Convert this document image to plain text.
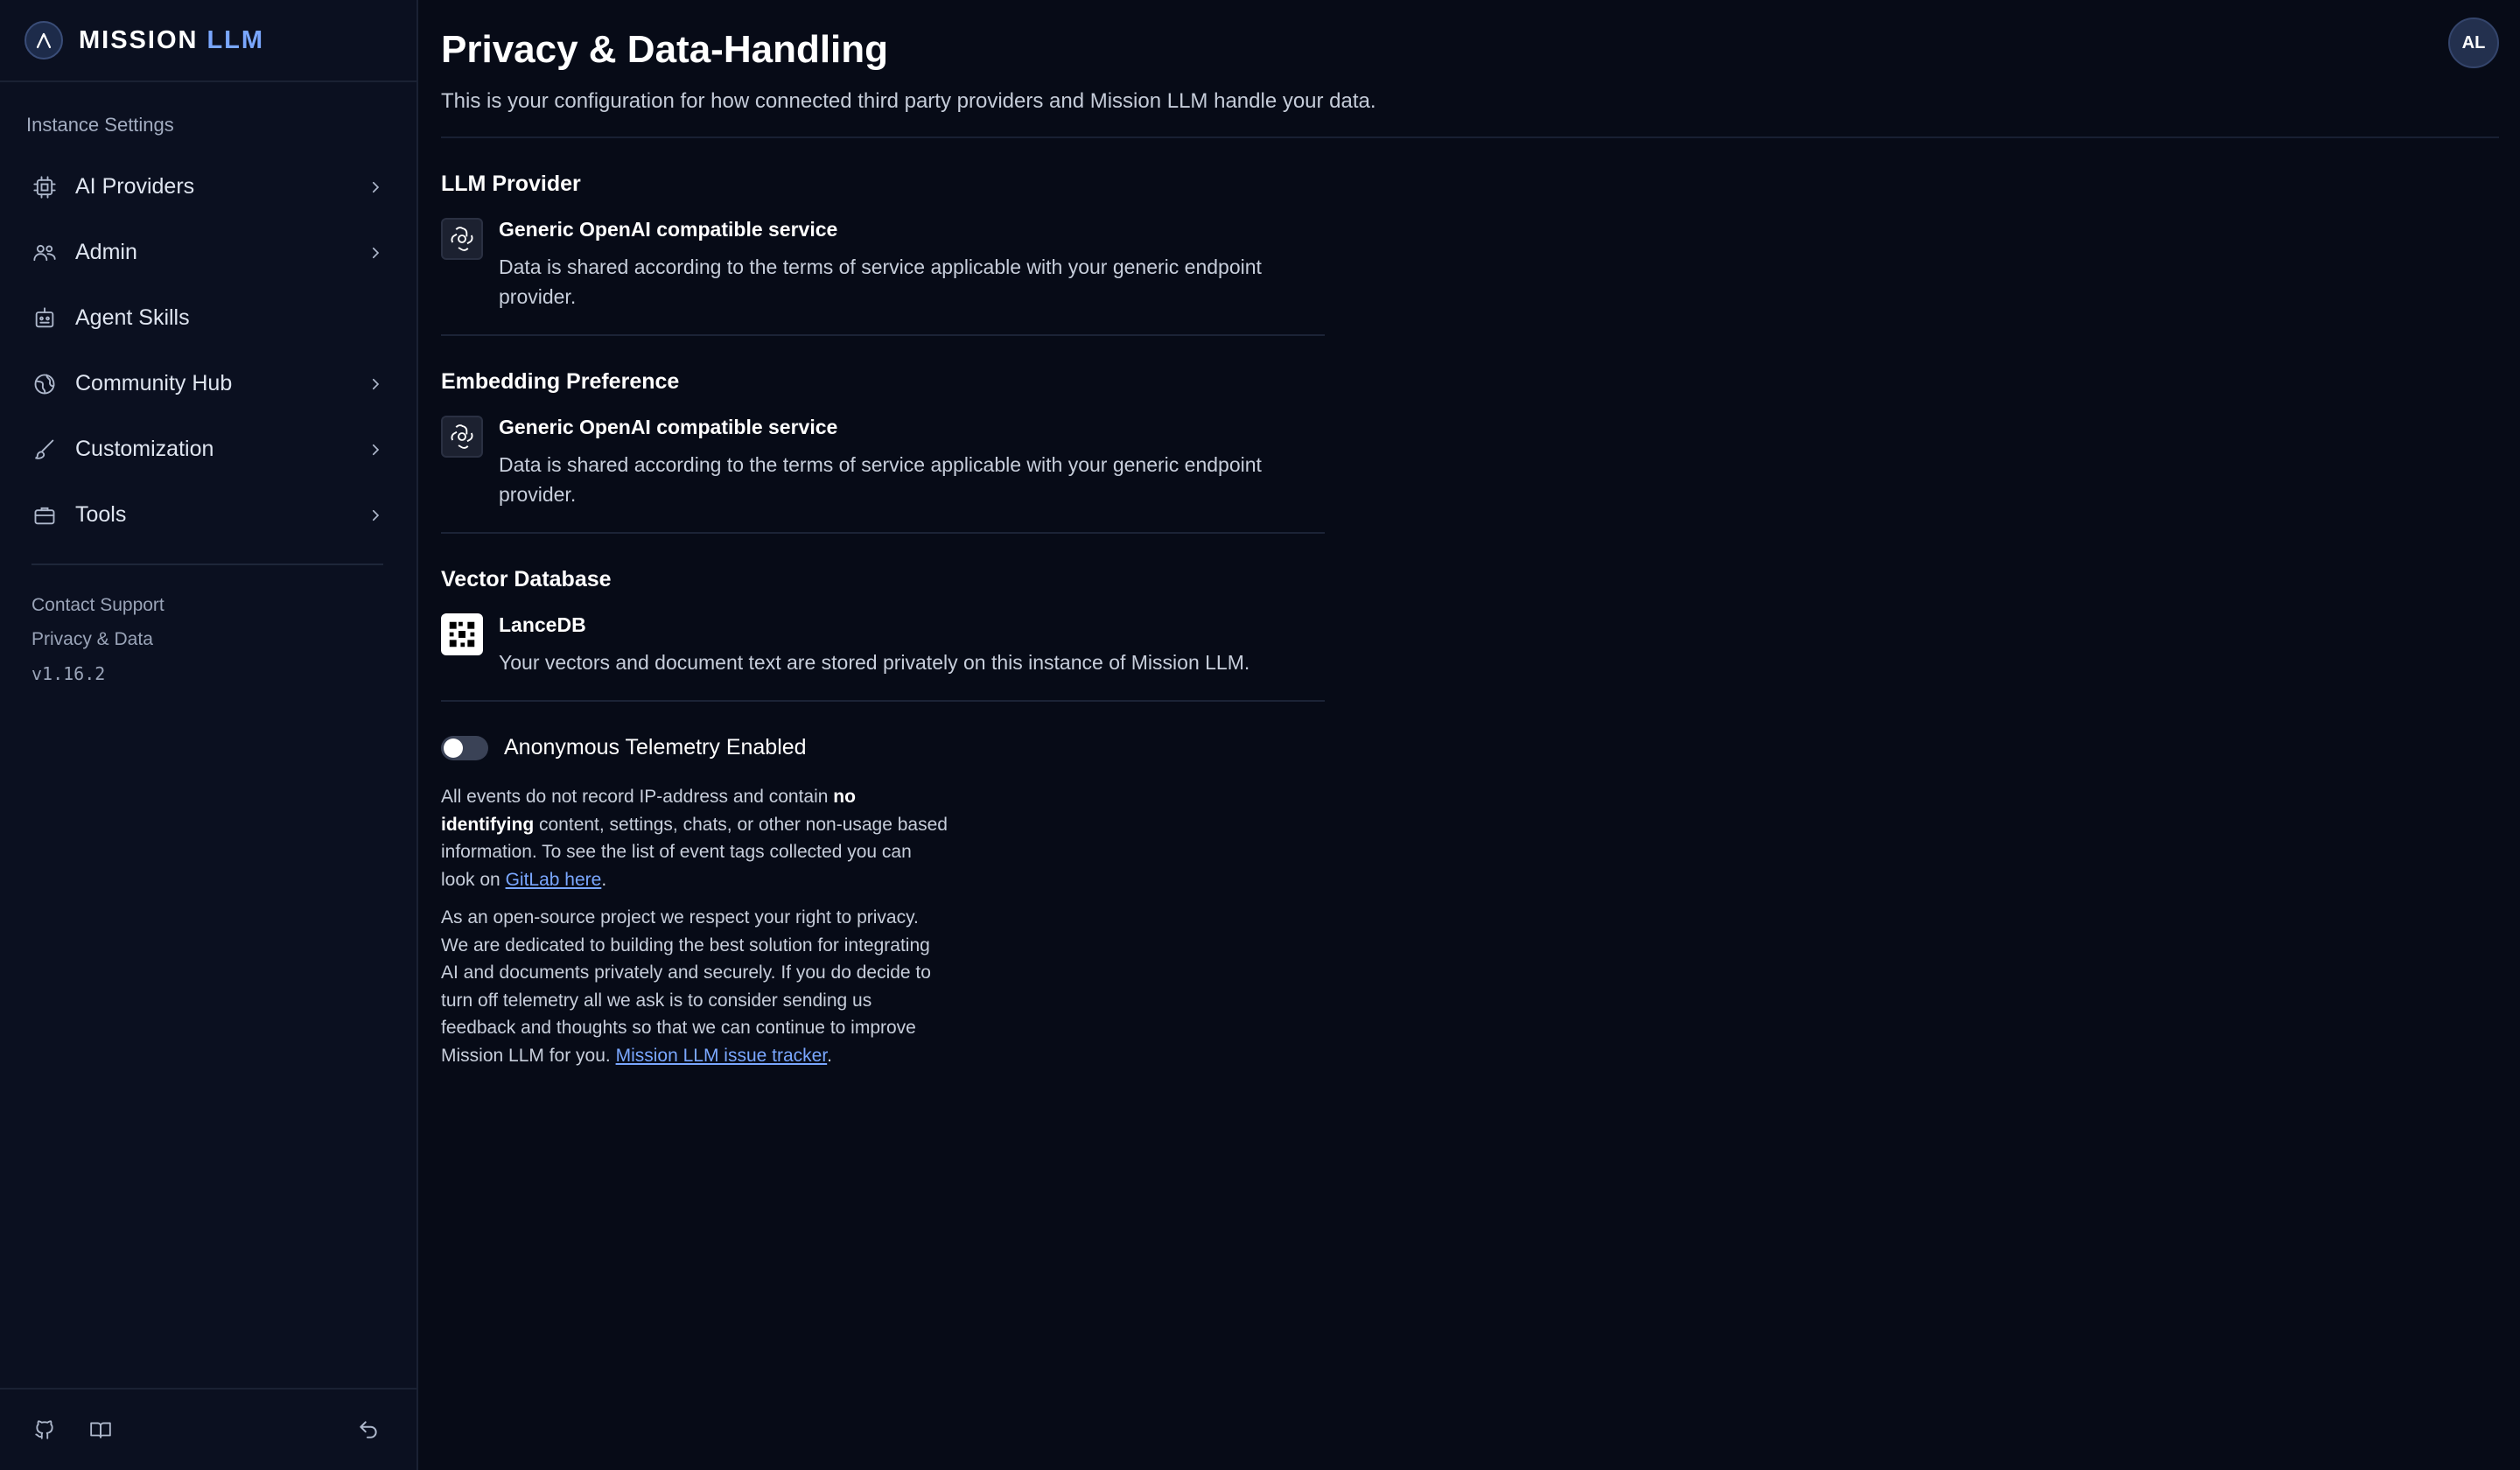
MISSION LLM
Instance Settings
AI Providers
Admin
Agent Skills
Community Hub
Customization
Tools
Contact Support
Privacy & Data
v1.16.2
AL
Privacy & Data-Handling

This is your configuration for how connected third party providers and Mission LLM handle your data.

LLM Provider
Generic OpenAI compatible service
Data is shared according to the terms of service applicable with your generic endpoint provider.
Embedding Preference
Generic OpenAI compatible service
Data is shared according to the terms of service applicable with your generic endpoint provider.
Vector Database
LanceDB
Your vectors and document text are stored privately on this instance of Mission LLM.
Anonymous Telemetry Enabled

All events do not record IP-address and contain no identifying content, settings, chats, or other non-usage based information. To see the list of event tags collected you can look on GitLab here.

As an open-source project we respect your right to privacy. We are dedicated to building the best solution for integrating AI and documents privately and securely. If you do decide to turn off telemetry all we ask is to consider sending us feedback and thoughts so that we can continue to improve Mission LLM for you. Mission LLM issue tracker.
